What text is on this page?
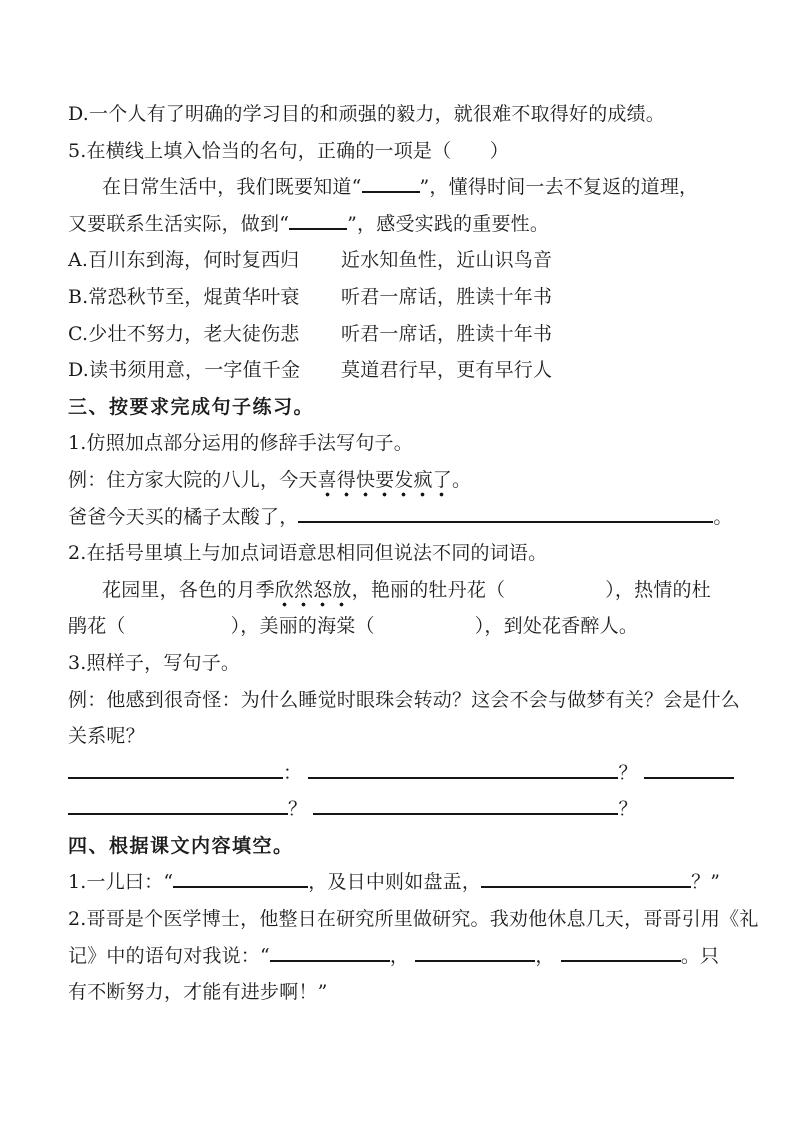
D.一个人有了明确的学习目的和顽强的毅力，就很难不取得好的成绩。
5.在横线上填入恰当的名句，正确的一项是（　　）
在日常生活中，我们既要知道“	”，懂得时间一去不复返的道理，
又要联系生活实际，做到“	”，感受实践的重要性。
A.百川东到海，何时复西归 近水知鱼性，近山识鸟音
B.常恐秋节至，焜黄华叶衰 听君一席话，胜读十年书
C.少壮不努力，老大徒伤悲 听君一席话，胜读十年书
D.读书须用意，一字值千金 莫道君行早，更有早行人
三、按要求完成句子练习。
1.仿照加点部分运用的修辞手法写句子。
例：住方家大院的八儿，今天喜得快要发疯了。
爸爸今天买的橘子太酸了，	。
2.在括号里填上与加点词语意思相同但说法不同的词语。
花园里，各色的月季欣然怒放，艳丽的牡丹花（	），热情的杜
鹃花（	），美丽的海棠（	），到处花香醉人。
3.照样子，写句子。
例：他感到很奇怪：为什么睡觉时眼珠会转动？这会不会与做梦有关？会是什么
关系呢？
：	？
？	？
四、根据课文内容填空。
1.一儿曰：“	，及日中则如盘盂，	？”
2.哥哥是个医学博士，他整日在研究所里做研究。我劝他休息几天，哥哥引用《礼
记》中的语句对我说：“	，	，	。只
有不断努力，才能有进步啊！”
